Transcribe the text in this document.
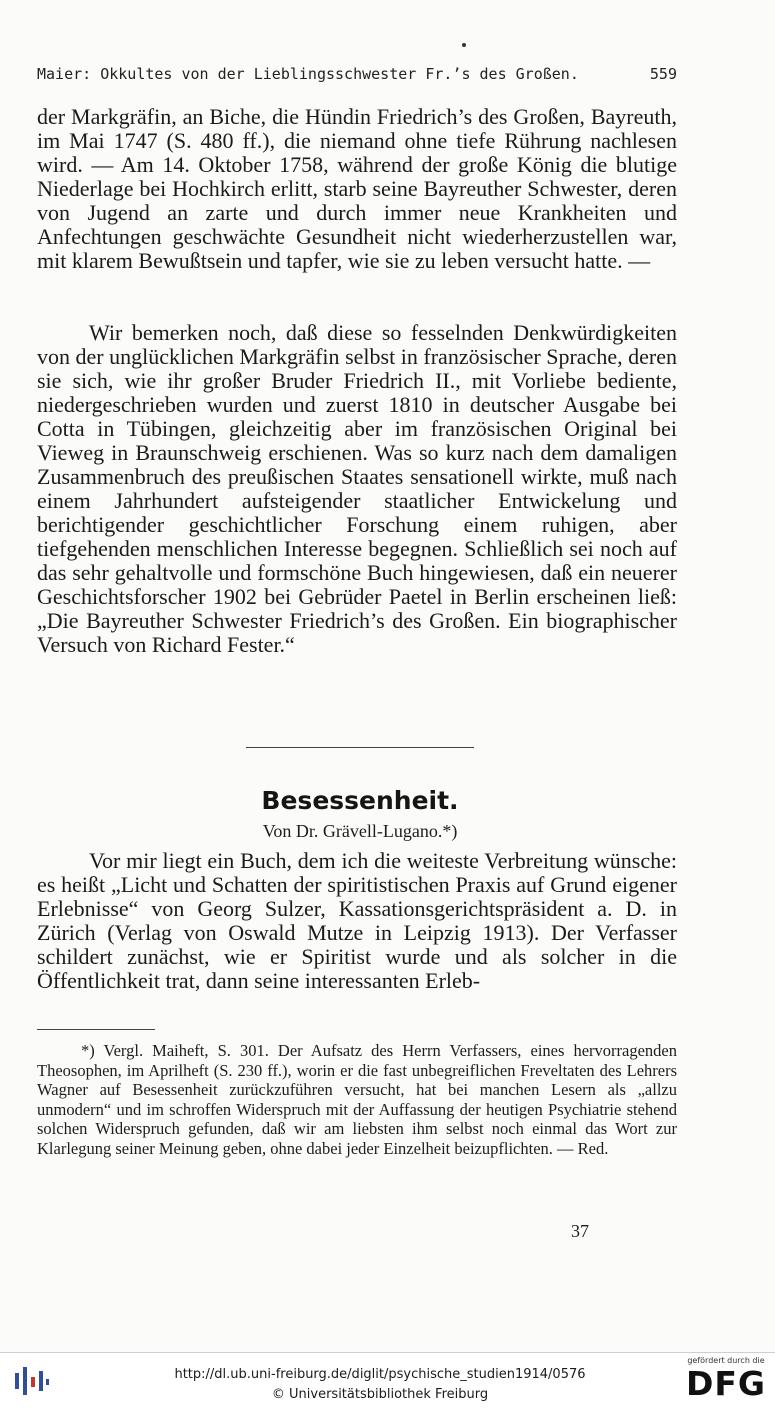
Maier: Okkultes von der Lieblingsschwester Fr.’s des Großen.	559

der Markgräfin, an Biche, die Hündin Friedrich’s des Großen, Bayreuth, im Mai 1747 (S. 480 ff.), die niemand ohne tiefe Rührung nachlesen wird. — Am 14. Oktober 1758, während der große König die blutige Niederlage bei Hochkirch erlitt, starb seine Bayreuther Schwester, deren von Jugend an zarte und durch immer neue Krankheiten und Anfechtungen geschwächte Gesundheit nicht wiederherzustellen war, mit klarem Bewußtsein und tapfer, wie sie zu leben versucht hatte. —

Wir bemerken noch, daß diese so fesselnden Denkwürdigkeiten von der unglücklichen Markgräfin selbst in französischer Sprache, deren sie sich, wie ihr großer Bruder Friedrich II., mit Vorliebe bediente, niedergeschrieben wurden und zuerst 1810 in deutscher Ausgabe bei Cotta in Tübingen, gleichzeitig aber im französischen Original bei Vieweg in Braunschweig erschienen. Was so kurz nach dem damaligen Zusammenbruch des preußischen Staates sensationell wirkte, muß nach einem Jahrhundert aufsteigender staatlicher Entwickelung und berichtigender geschichtlicher Forschung einem ruhigen, aber tiefgehenden menschlichen Interesse begegnen. Schließlich sei noch auf das sehr gehaltvolle und formschöne Buch hingewiesen, daß ein neuerer Geschichtsforscher 1902 bei Gebrüder Paetel in Berlin erscheinen ließ: „Die Bayreuther Schwester Friedrich’s des Großen. Ein biographischer Versuch von Richard Fester.“

Besessenheit.
Von Dr. Grävell-Lugano.*)

Vor mir liegt ein Buch, dem ich die weiteste Verbreitung wünsche: es heißt „Licht und Schatten der spiritistischen Praxis auf Grund eigener Erlebnisse“ von Georg Sulzer, Kassationsgerichtspräsident a. D. in Zürich (Verlag von Oswald Mutze in Leipzig 1913). Der Verfasser schildert zunächst, wie er Spiritist wurde und als solcher in die Öffentlichkeit trat, dann seine interessanten Erleb-

*) Vergl. Maiheft, S. 301. Der Aufsatz des Herrn Verfassers, eines hervorragenden Theosophen, im Aprilheft (S. 230 ff.), worin er die fast unbegreiflichen Freveltaten des Lehrers Wagner auf Besessenheit zurückzuführen versucht, hat bei manchen Lesern als „allzu unmodern“ und im schroffen Widerspruch mit der Auffassung der heutigen Psychiatrie stehend solchen Widerspruch gefunden, daß wir am liebsten ihm selbst noch einmal das Wort zur Klarlegung seiner Meinung geben, ohne dabei jeder Einzelheit beizupflichten. — Red.

37
http://dl.ub.uni-freiburg.de/diglit/psychische_studien1914/0576
© Universitätsbibliothek Freiburg
gefördert durch die
DFG
